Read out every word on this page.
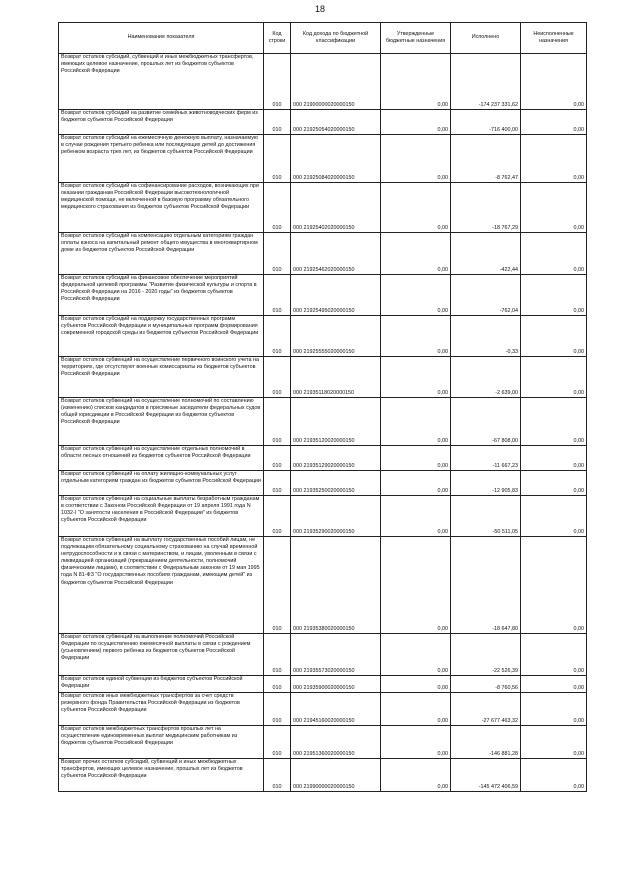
18
Наименование показателя	Код строки	Код дохода по бюджетной классификации	Утвержденные бюджетные назначения	Исполнено	Неисполненные назначения
Возврат остатков субсидий, субвенций и иных межбюджетных трансфертов, имеющих целевое назначение, прошлых лет из бюджетов субъектов Российской Федерации	010	000 21900000020000150	0,00	-174 237 331,62	0,00
Возврат остатков субсидий на развитие семейных животноводческих ферм из бюджетов субъектов Российской Федерации	010	000 21925054020000150	0,00	-716 400,00	0,00
Возврат остатков субсидий на ежемесячную денежную выплату, назначаемую в случае рождения третьего ребенка или последующих детей до достижения ребенком возраста трех лет, из бюджетов субъектов Российской Федерации	010	000 21925084020000150	0,00	-8 762,47	0,00
Возврат остатков субсидий на софинансирование расходов, возникающих при оказании гражданам Российской Федерации высокотехнологичной медицинской помощи, не включенной в базовую программу обязательного медицинского страхования из бюджетов субъектов Российской Федерации	010	000 21925402020000150	0,00	-18 767,29	0,00
Возврат остатков субсидий на компенсацию отдельным категориям граждан оплаты взноса на капитальный ремонт общего имущества в многоквартирном доме из бюджетов субъектов Российской Федерации	010	000 21925462020000150	0,00	-422,44	0,00
Возврат остатков субсидий на финансовое обеспечение мероприятий федеральной целевой программы "Развитие физической культуры и спорта в Российской Федерации на 2016 - 2020 годы" из бюджетов субъектов Российской Федерации	010	000 21925495020000150	0,00	-762,04	0,00
Возврат остатков субсидий на поддержку государственных программ субъектов Российской Федерации и муниципальных программ формирования современной городской среды из бюджетов субъектов Российской Федерации	010	000 21925555020000150	0,00	-0,33	0,00
Возврат остатков субвенций на осуществление первичного воинского учета на территориях, где отсутствуют военные комиссариаты из бюджетов субъектов Российской Федерации	010	000 21935118020000150	0,00	-2 639,00	0,00
Возврат остатков субвенций на осуществление полномочий по составлению (изменению) списков кандидатов в присяжные заседатели федеральных судов общей юрисдикции в Российской Федерации из бюджетов субъектов Российской Федерации	010	000 21935120020000150	0,00	-67 808,00	0,00
Возврат остатков субвенций на осуществление отдельных полномочий в области лесных отношений из бюджетов субъектов Российской Федерации	010	000 21935129020000150	0,00	-11 667,23	0,00
Возврат остатков субвенций на оплату жилищно-коммунальных услуг отдельным категориям граждан из бюджетов субъектов Российской Федерации	010	000 21935250020000150	0,00	-12 905,83	0,00
Возврат остатков субвенций на социальные выплаты безработным гражданам в соответствии с Законом Российской Федерации от 19 апреля 1991 года N 1032-I "О занятости населения в Российской Федерации" из бюджетов субъектов Российской Федерации	010	000 21935290020000150	0,00	-50 511,05	0,00
Возврат остатков субвенций на выплату государственных пособий лицам, не подлежащим обязательному социальному страхованию на случай временной нетрудоспособности и в связи с материнством, и лицам, уволенным в связи с ликвидацией организаций (прекращением деятельности, полномочий физическими лицами), в соответствии с Федеральным законом от 19 мая 1995 года N 81-ФЗ "О государственных пособиях гражданам, имеющим детей" из бюджетов субъектов Российской Федерации	010	000 21935380020000150	0,00	-18 647,80	0,00
Возврат остатков субвенций на выполнение полномочий Российской Федерации по осуществлению ежемесячной выплаты в связи с рождением (усыновлением) первого ребенка из бюджетов субъектов Российской Федерации	010	000 21935573020000150	0,00	-22 526,39	0,00
Возврат остатков единой субвенции из бюджетов субъектов Российской Федерации	010	000 21935900020000150	0,00	-8 760,56	0,00
Возврат остатков иных межбюджетных трансфертов за счет средств резервного фонда Правительства Российской Федерации из бюджетов субъектов Российской Федерации	010	000 21945160020000150	0,00	-27 677 463,32	0,00
Возврат остатков межбюджетных трансфертов прошлых лет на осуществление единовременных выплат медицинским работникам из бюджетов субъектов Российской Федерации	010	000 21951360020000150	0,00	-146 881,28	0,00
Возврат прочих остатков субсидий, субвенций и иных межбюджетных трансфертов, имеющих целевое назначение, прошлых лет из бюджетов субъектов Российской Федерации	010	000 21990000020000150	0,00	-145 472 406,59	0,00
